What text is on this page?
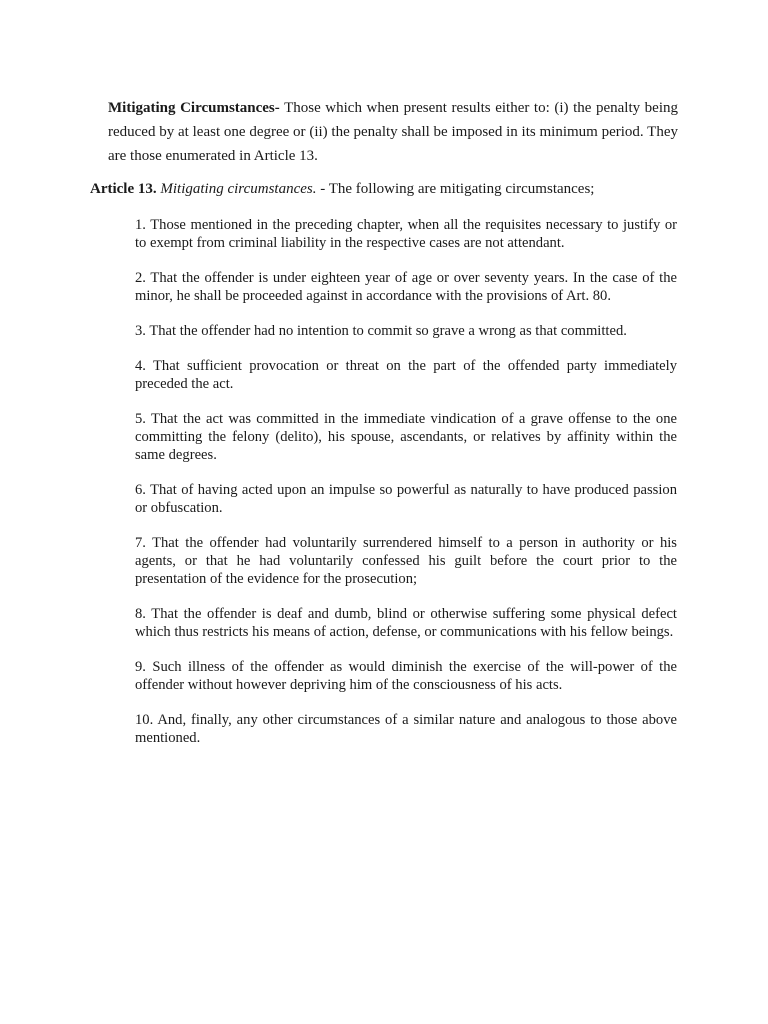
Mitigating Circumstances- Those which when present results either to: (i) the penalty being reduced by at least one degree or (ii) the penalty shall be imposed in its minimum period. They are those enumerated in Article 13.

Article 13. Mitigating circumstances. - The following are mitigating circumstances;

1. Those mentioned in the preceding chapter, when all the requisites necessary to justify or to exempt from criminal liability in the respective cases are not attendant.
2. That the offender is under eighteen year of age or over seventy years. In the case of the minor, he shall be proceeded against in accordance with the provisions of Art. 80.
3. That the offender had no intention to commit so grave a wrong as that committed.
4. That sufficient provocation or threat on the part of the offended party immediately preceded the act.
5. That the act was committed in the immediate vindication of a grave offense to the one committing the felony (delito), his spouse, ascendants, or relatives by affinity within the same degrees.
6. That of having acted upon an impulse so powerful as naturally to have produced passion or obfuscation.
7. That the offender had voluntarily surrendered himself to a person in authority or his agents, or that he had voluntarily confessed his guilt before the court prior to the presentation of the evidence for the prosecution;
8. That the offender is deaf and dumb, blind or otherwise suffering some physical defect which thus restricts his means of action, defense, or communications with his fellow beings.
9. Such illness of the offender as would diminish the exercise of the will-power of the offender without however depriving him of the consciousness of his acts.
10. And, finally, any other circumstances of a similar nature and analogous to those above mentioned.
